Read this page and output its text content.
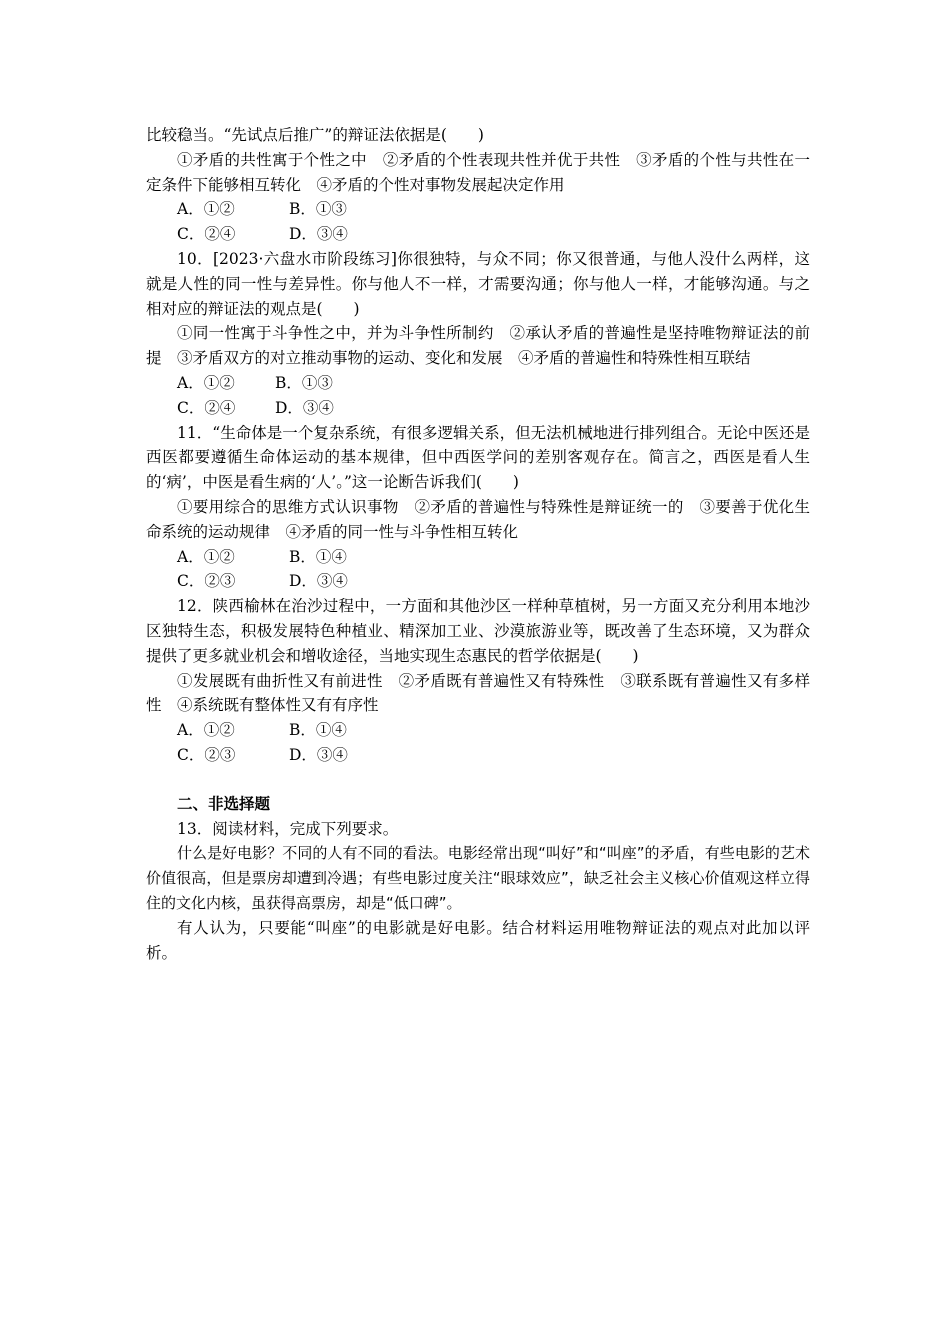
比较稳当。“先试点后推广”的辩证法依据是(　　)

①矛盾的共性寓于个性之中　②矛盾的个性表现共性并优于共性　③矛盾的个性与共性在一定条件下能够相互转化　④矛盾的个性对事物发展起决定作用

A．①②	B．①③
C．②④	D．③④

10．[2023·六盘水市阶段练习]你很独特，与众不同；你又很普通，与他人没什么两样，这就是人性的同一性与差异性。你与他人不一样，才需要沟通；你与他人一样，才能够沟通。与之相对应的辩证法的观点是(　　)

①同一性寓于斗争性之中，并为斗争性所制约　②承认矛盾的普遍性是坚持唯物辩证法的前提　③矛盾双方的对立推动事物的运动、变化和发展　④矛盾的普遍性和特殊性相互联结

A．①②	B．①③
C．②④	D．③④

11．“生命体是一个复杂系统，有很多逻辑关系，但无法机械地进行排列组合。无论中医还是西医都要遵循生命体运动的基本规律，但中西医学问的差别客观存在。简言之，西医是看人生的‘病’，中医是看生病的‘人’。”这一论断告诉我们(　　)

①要用综合的思维方式认识事物　②矛盾的普遍性与特殊性是辩证统一的　③要善于优化生命系统的运动规律　④矛盾的同一性与斗争性相互转化

A．①②	B．①④
C．②③	D．③④

12．陕西榆林在治沙过程中，一方面和其他沙区一样种草植树，另一方面又充分利用本地沙区独特生态，积极发展特色种植业、精深加工业、沙漠旅游业等，既改善了生态环境，又为群众提供了更多就业机会和增收途径，当地实现生态惠民的哲学依据是(　　)

①发展既有曲折性又有前进性　②矛盾既有普遍性又有特殊性　③联系既有普遍性又有多样性　④系统既有整体性又有有序性

A．①②	B．①④
C．②③	D．③④

二、非选择题

13．阅读材料，完成下列要求。

什么是好电影？不同的人有不同的看法。电影经常出现“叫好”和“叫座”的矛盾，有些电影的艺术价值很高，但是票房却遭到冷遇；有些电影过度关注“眼球效应”，缺乏社会主义核心价值观这样立得住的文化内核，虽获得高票房，却是“低口碑”。

有人认为，只要能“叫座”的电影就是好电影。结合材料运用唯物辩证法的观点对此加以评析。
